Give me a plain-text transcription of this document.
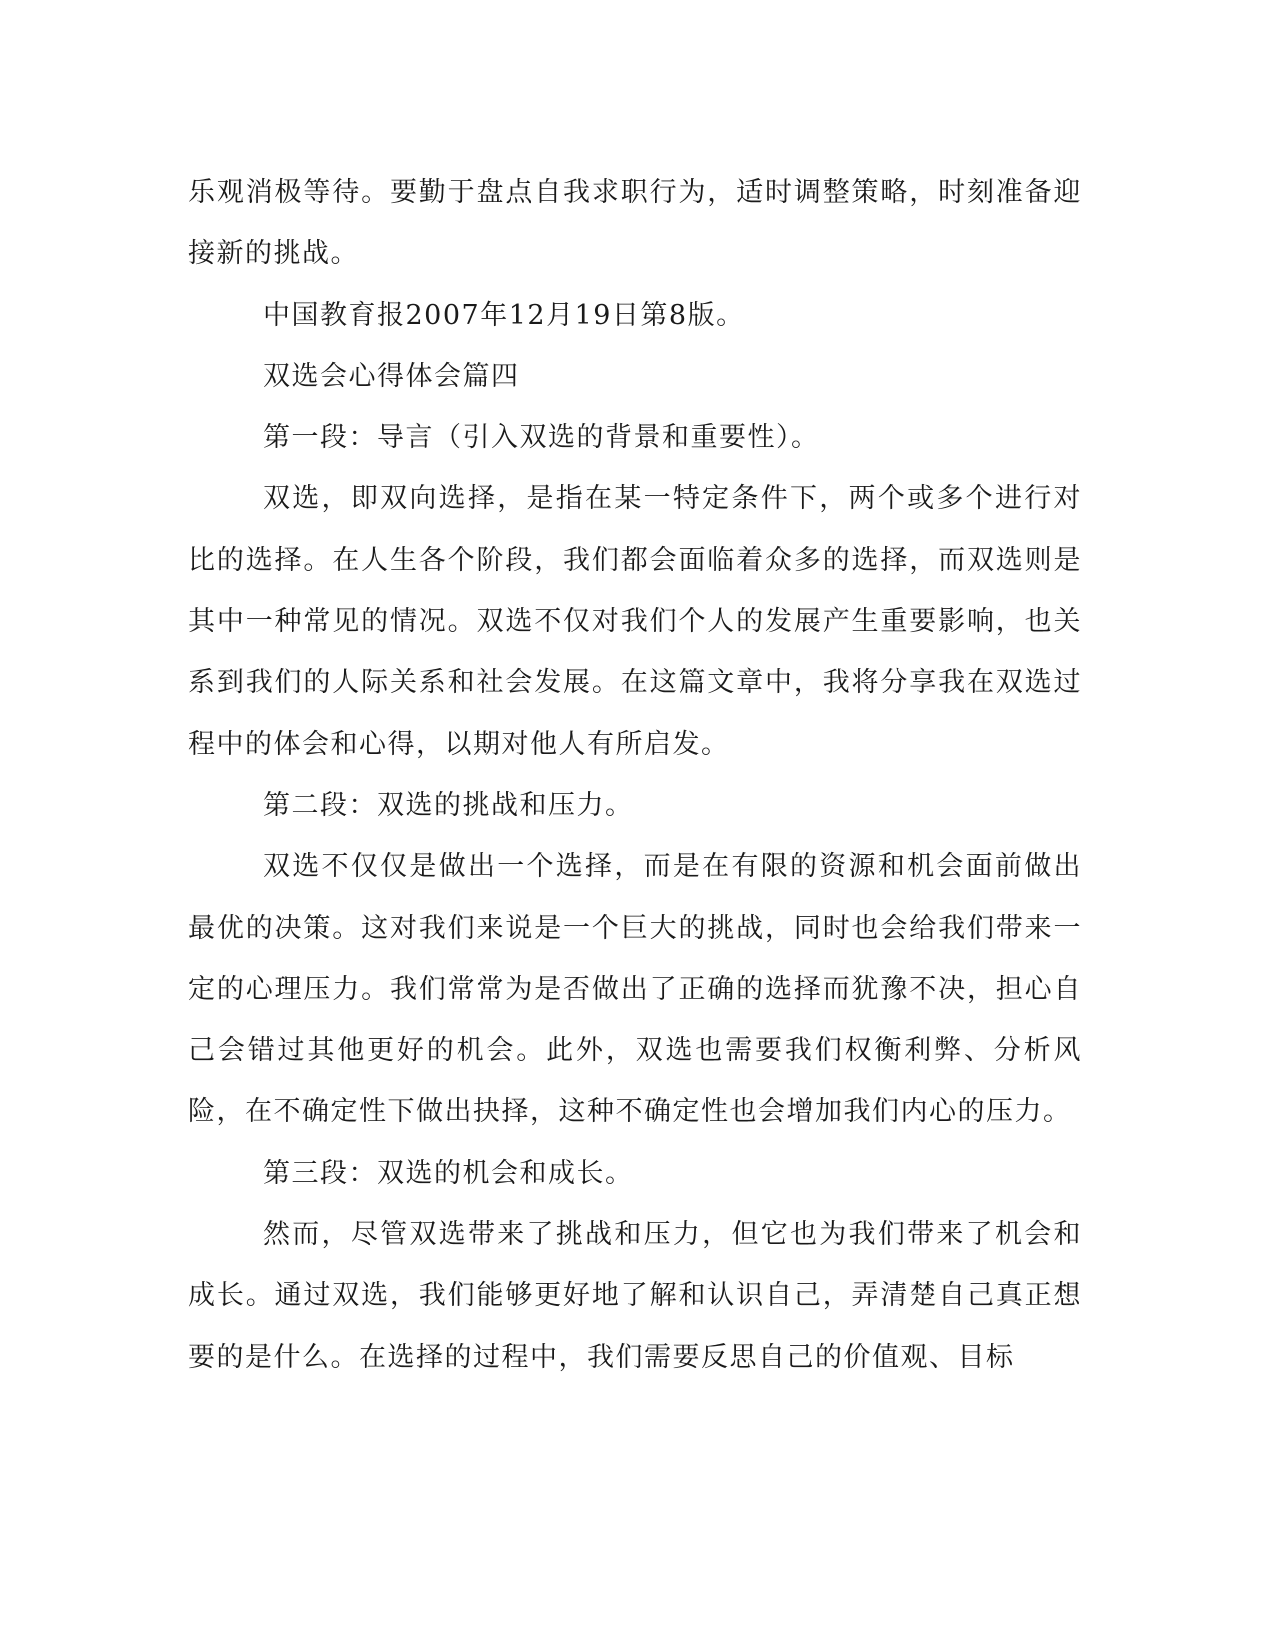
乐观消极等待。要勤于盘点自我求职行为，适时调整策略，时刻准备迎接新的挑战。

中国教育报2007年12月19日第8版。

双选会心得体会篇四

第一段：导言（引入双选的背景和重要性）。

双选，即双向选择，是指在某一特定条件下，两个或多个进行对比的选择。在人生各个阶段，我们都会面临着众多的选择，而双选则是其中一种常见的情况。双选不仅对我们个人的发展产生重要影响，也关系到我们的人际关系和社会发展。在这篇文章中，我将分享我在双选过程中的体会和心得，以期对他人有所启发。

第二段：双选的挑战和压力。

双选不仅仅是做出一个选择，而是在有限的资源和机会面前做出最优的决策。这对我们来说是一个巨大的挑战，同时也会给我们带来一定的心理压力。我们常常为是否做出了正确的选择而犹豫不决，担心自己会错过其他更好的机会。此外，双选也需要我们权衡利弊、分析风险，在不确定性下做出抉择，这种不确定性也会增加我们内心的压力。

第三段：双选的机会和成长。

然而，尽管双选带来了挑战和压力，但它也为我们带来了机会和成长。通过双选，我们能够更好地了解和认识自己，弄清楚自己真正想要的是什么。在选择的过程中，我们需要反思自己的价值观、目标
